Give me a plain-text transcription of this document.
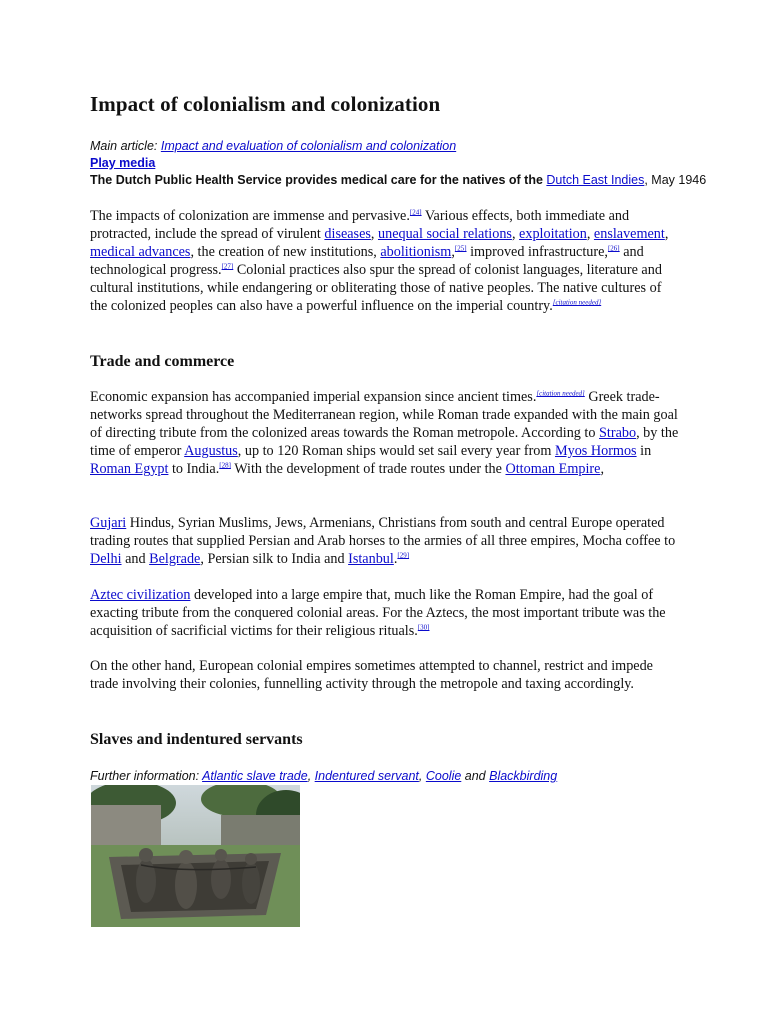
Impact of colonialism and colonization
Main article: Impact and evaluation of colonialism and colonization
Play media
The Dutch Public Health Service provides medical care for the natives of the Dutch East Indies, May 1946

The impacts of colonization are immense and pervasive.[24] Various effects, both immediate and protracted, include the spread of virulent diseases, unequal social relations, exploitation, enslavement, medical advances, the creation of new institutions, abolitionism,[25] improved infrastructure,[26] and technological progress.[27] Colonial practices also spur the spread of colonist languages, literature and cultural institutions, while endangering or obliterating those of native peoples. The native cultures of the colonized peoples can also have a powerful influence on the imperial country.[citation needed]

Trade and commerce

Economic expansion has accompanied imperial expansion since ancient times.[citation needed] Greek trade-networks spread throughout the Mediterranean region, while Roman trade expanded with the main goal of directing tribute from the colonized areas towards the Roman metropole. According to Strabo, by the time of emperor Augustus, up to 120 Roman ships would set sail every year from Myos Hormos in Roman Egypt to India.[28] With the development of trade routes under the Ottoman Empire,

Gujari Hindus, Syrian Muslims, Jews, Armenians, Christians from south and central Europe operated trading routes that supplied Persian and Arab horses to the armies of all three empires, Mocha coffee to Delhi and Belgrade, Persian silk to India and Istanbul.[29]

Aztec civilization developed into a large empire that, much like the Roman Empire, had the goal of exacting tribute from the conquered colonial areas. For the Aztecs, the most important tribute was the acquisition of sacrificial victims for their religious rituals.[30]

On the other hand, European colonial empires sometimes attempted to channel, restrict and impede trade involving their colonies, funnelling activity through the metropole and taxing accordingly.

Slaves and indentured servants
Further information: Atlantic slave trade, Indentured servant, Coolie and Blackbirding
